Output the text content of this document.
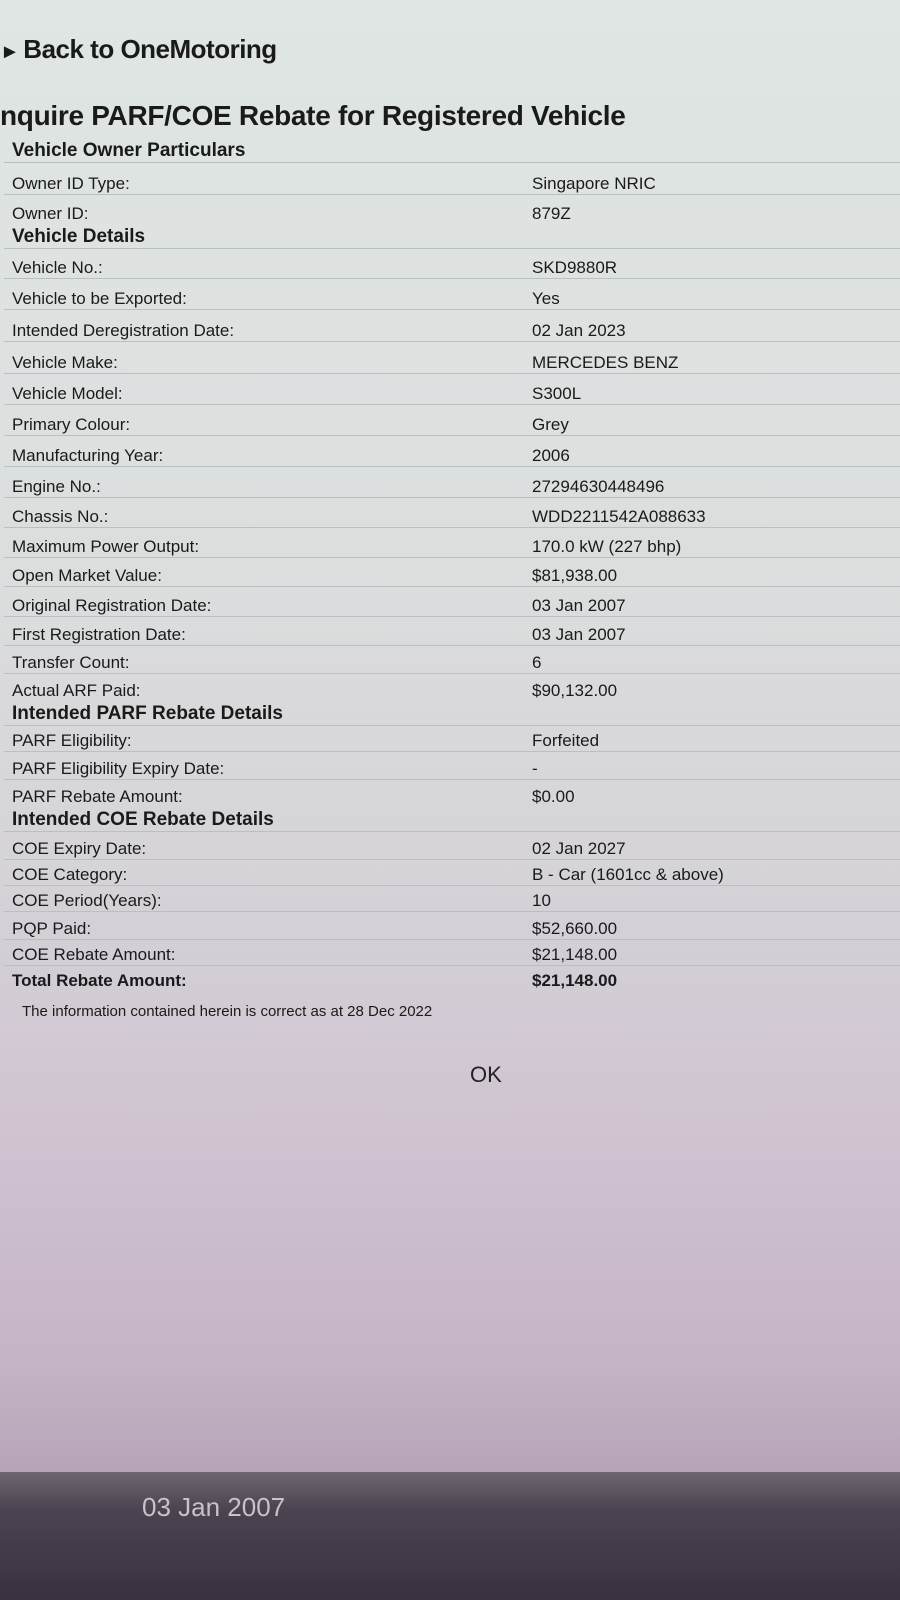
► Back to OneMotoring
nquire PARF/COE Rebate for Registered Vehicle
Vehicle Owner Particulars
Owner ID Type:	Singapore NRIC
Owner ID:	879Z
Vehicle Details
Vehicle No.:	SKD9880R
Vehicle to be Exported:	Yes
Intended Deregistration Date:	02 Jan 2023
Vehicle Make:	MERCEDES BENZ
Vehicle Model:	S300L
Primary Colour:	Grey
Manufacturing Year:	2006
Engine No.:	27294630448496
Chassis No.:	WDD2211542A088633
Maximum Power Output:	170.0 kW (227 bhp)
Open Market Value:	$81,938.00
Original Registration Date:	03 Jan 2007
First Registration Date:	03 Jan 2007
Transfer Count:	6
Actual ARF Paid:	$90,132.00
Intended PARF Rebate Details
PARF Eligibility:	Forfeited
PARF Eligibility Expiry Date:	-
PARF Rebate Amount:	$0.00
Intended COE Rebate Details
COE Expiry Date:	02 Jan 2027
COE Category:	B - Car (1601cc & above)
COE Period(Years):	10
PQP Paid:	$52,660.00
COE Rebate Amount:	$21,148.00
Total Rebate Amount:	$21,148.00
The information contained herein is correct as at 28 Dec 2022
OK
03 Jan 2007
